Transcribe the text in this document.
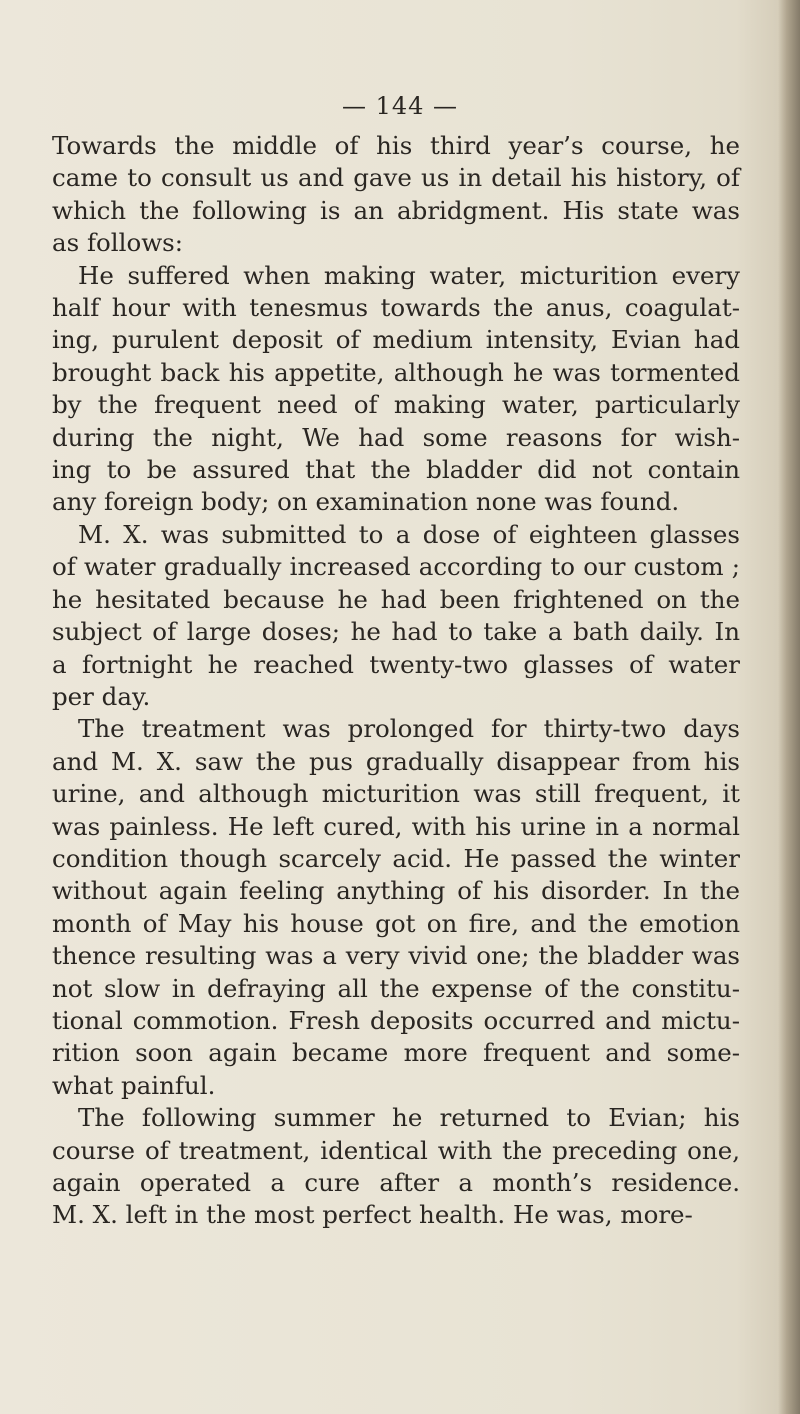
— 144 —
Towards the middle of his third year’s course, he
came to consult us and gave us in detail his history, of
which the following is an abridgment. His state was
as follows:
He suffered when making water, micturition every
half hour with tenesmus towards the anus, coagulat-
ing, purulent deposit of medium intensity, Evian had
brought back his appetite, although he was tormented
by the frequent need of making water, particularly
during the night, We had some reasons for wish-
ing to be assured that the bladder did not contain
any foreign body; on examination none was found.
M. X. was submitted to a dose of eighteen glasses
of water gradually increased according to our custom ;
he hesitated because he had been frightened on the
subject of large doses; he had to take a bath daily. In
a fortnight he reached twenty-two glasses of water
per day.
The treatment was prolonged for thirty-two days
and M. X. saw the pus gradually disappear from his
urine, and although micturition was still frequent, it
was painless. He left cured, with his urine in a normal
condition though scarcely acid. He passed the winter
without again feeling anything of his disorder. In the
month of May his house got on fire, and the emotion
thence resulting was a very vivid one; the bladder was
not slow in defraying all the expense of the constitu-
tional commotion. Fresh deposits occurred and mictu-
rition soon again became more frequent and some-
what painful.
The following summer he returned to Evian; his
course of treatment, identical with the preceding one,
again operated a cure after a month’s residence.
M. X. left in the most perfect health. He was, more-
